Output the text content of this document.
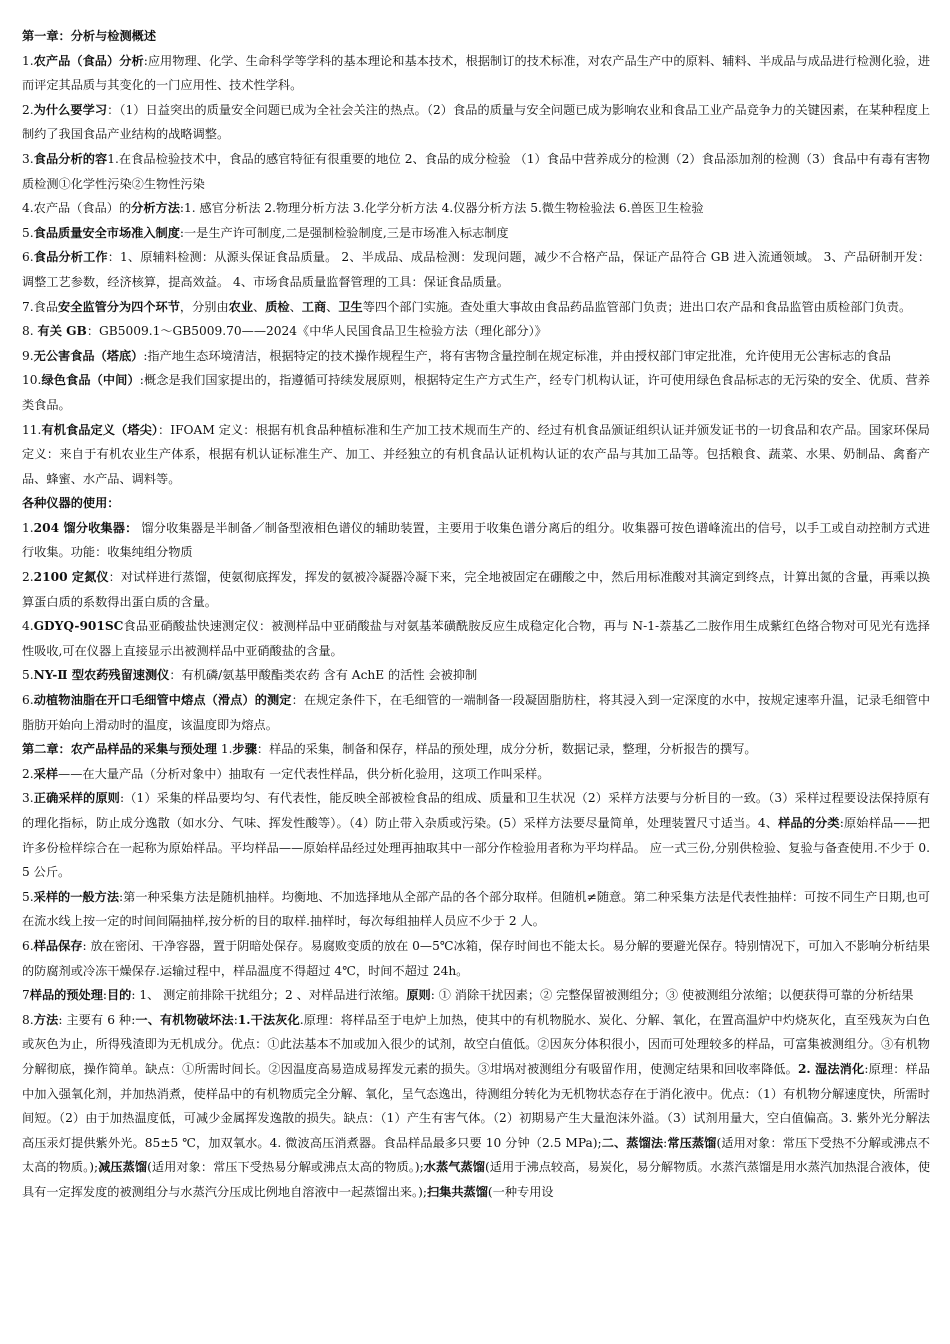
第一章：分析与检测概述

1.农产品（食品）分析:应用物理、化学、生命科学等学科的基本理论和基本技术，根据制订的技术标准，对农产品生产中的原料、辅料、半成品与成品进行检测化验，进而评定其品质与其变化的一门应用性、技术性学科。

2.为什么要学习：（1）日益突出的质量安全问题已成为全社会关注的热点。（2）食品的质量与安全问题已成为影响农业和食品工业产品竞争力的关键因素，在某种程度上制约了我国食品产业结构的战略调整。

3.食品分析的容1.在食品检验技术中，食品的感官特征有很重要的地位 2、食品的成分检验 （1）食品中营养成分的检测（2）食品添加剂的检测（3）食品中有毒有害物质检测①化学性污染②生物性污染

4.农产品（食品）的分析方法:1. 感官分析法 2.物理分析方法 3.化学分析方法 4.仪器分析方法 5.微生物检验法 6.兽医卫生检验

5.食品质量安全市场准入制度:一是生产许可制度,二是强制检验制度,三是市场准入标志制度

6.食品分析工作：1、原辅料检测：从源头保证食品质量。 2、半成品、成品检测：发现问题，减少不合格产品，保证产品符合 GB 进入流通领域。 3、产品研制开发：调整工艺参数，经济核算，提高效益。 4、市场食品质量监督管理的工具：保证食品质量。

7.食品安全监管分为四个环节，分别由农业、质检、工商、卫生等四个部门实施。查处重大事故由食品药品监管部门负责；进出口农产品和食品监管由质检部门负责。

8. 有关 GB：GB5009.1～GB5009.70——2024《中华人民国食品卫生检验方法（理化部分）》

9.无公害食品（塔底）:指产地生态环境清洁，根据特定的技术操作规程生产，将有害物含量控制在规定标准，并由授权部门审定批准，允许使用无公害标志的食品

10.绿色食品（中间）:概念是我们国家提出的，指遵循可持续发展原则，根据特定生产方式生产，经专门机构认证，许可使用绿色食品标志的无污染的安全、优质、营养类食品。

11.有机食品定义（塔尖）：IFOAM 定义：根据有机食品种植标准和生产加工技术规而生产的、经过有机食品颁证组织认证并颁发证书的一切食品和农产品。国家环保局定义：来自于有机农业生产体系，根据有机认证标准生产、加工、并经独立的有机食品认证机构认证的农产品与其加工品等。包括粮食、蔬菜、水果、奶制品、禽畜产品、蜂蜜、水产品、调料等。

各种仪器的使用：

1.204 馏分收集器： 馏分收集器是半制备／制备型液相色谱仪的辅助装置，主要用于收集色谱分离后的组分。收集器可按色谱峰流出的信号，以手工或自动控制方式进行收集。功能：收集纯组分物质

2.2100 定氮仪：对试样进行蒸馏，使氨彻底挥发，挥发的氨被冷凝器冷凝下来，完全地被固定在硼酸之中，然后用标准酸对其滴定到终点，计算出氮的含量，再乘以换算蛋白质的系数得出蛋白质的含量。

4.GDYQ-901SC食品亚硝酸盐快速测定仪：被测样品中亚硝酸盐与对氨基苯磺酰胺反应生成稳定化合物，再与 N-1-萘基乙二胺作用生成紫红色络合物对可见光有选择性吸收,可在仪器上直接显示出被测样品中亚硝酸盐的含量。

5.NY-Ⅱ 型农药残留速测仪：有机磷/氨基甲酸酯类农药 含有 AchE 的活性 会被抑制

6.动植物油脂在开口毛细管中熔点（滑点）的测定：在规定条件下，在毛细管的一端制备一段凝固脂肪柱，将其浸入到一定深度的水中，按规定速率升温，记录毛细管中脂肪开始向上滑动时的温度，该温度即为熔点。

第二章：农产品样品的采集与预处理 1.步骤：样品的采集，制备和保存，样品的预处理，成分分析，数据记录，整理，分析报告的撰写。

2.采样——在大量产品（分析对象中）抽取有 一定代表性样品，供分析化验用，这项工作叫采样。

3.正确采样的原则:（1）采集的样品要均匀、有代表性，能反映全部被检食品的组成、质量和卫生状况（2）采样方法要与分析目的一致。（3）采样过程要设法保持原有的理化指标，防止成分逸散（如水分、气味、挥发性酸等）。（4）防止带入杂质或污染。(5）采样方法要尽量简单，处理装置尺寸适当。4、样品的分类:原始样品——把许多份检样综合在一起称为原始样品。平均样品——原始样品经过处理再抽取其中一部分作检验用者称为平均样品。 应一式三份,分别供检验、复验与备查使用.不少于 0.5 公斤。

5.采样的一般方法:第一种采集方法是随机抽样。均衡地、不加选择地从全部产品的各个部分取样。但随机≠随意。第二种采集方法是代表性抽样：可按不同生产日期,也可在流水线上按一定的时间间隔抽样,按分析的目的取样.抽样时，每次每组抽样人员应不少于 2 人。

6.样品保存: 放在密闭、干净容器，置于阴暗处保存。易腐败变质的放在 0—5℃冰箱，保存时间也不能太长。易分解的要避光保存。特别情况下，可加入不影响分析结果的防腐剂或冷冻干燥保存.运输过程中，样品温度不得超过 4℃，时间不超过 24h。

7样品的预处理:目的: 1、 测定前排除干扰组分；2 、对样品进行浓缩。原则: ① 消除干扰因素；② 完整保留被测组分；③ 使被测组分浓缩；以便获得可靠的分析结果

8.方法: 主要有 6 种:一、有机物破坏法:1.干法灰化.原理：将样品至于电炉上加热，使其中的有机物脱水、炭化、分解、氧化，在置高温炉中灼烧灰化，直至残灰为白色或灰色为止，所得残渣即为无机成分。优点：①此法基本不加或加入很少的试剂，故空白值低。②因灰分体积很小，因而可处理较多的样品，可富集被测组分。③有机物分解彻底，操作简单。缺点：①所需时间长。②因温度高易造成易挥发元素的损失。③坩埚对被测组分有吸留作用，使测定结果和回收率降低。2. 湿法消化:原理：样品中加入强氧化剂，并加热消煮，使样品中的有机物质完全分解、氧化，呈气态逸出，待测组分转化为无机物状态存在于消化液中。优点：（1）有机物分解速度快，所需时间短。（2）由于加热温度低，可减少金属挥发逸散的损失。缺点：（1）产生有害气体。（2）初期易产生大量泡沫外溢。（3）试剂用量大，空白值偏高。3. 紫外光分解法高压汞灯提供紫外光。85±5 ℃，加双氧水。4. 微波高压消煮器。食品样品最多只要 10 分钟（2.5 MPa);二、蒸馏法:常压蒸馏(适用对象：常压下受热不分解或沸点不太高的物质。);减压蒸馏(适用对象：常压下受热易分解或沸点太高的物质。);水蒸气蒸馏(适用于沸点较高，易炭化，易分解物质。水蒸汽蒸馏是用水蒸汽加热混合液体，使具有一定挥发度的被测组分与水蒸汽分压成比例地自溶液中一起蒸馏出来。);扫集共蒸馏(一种专用设
